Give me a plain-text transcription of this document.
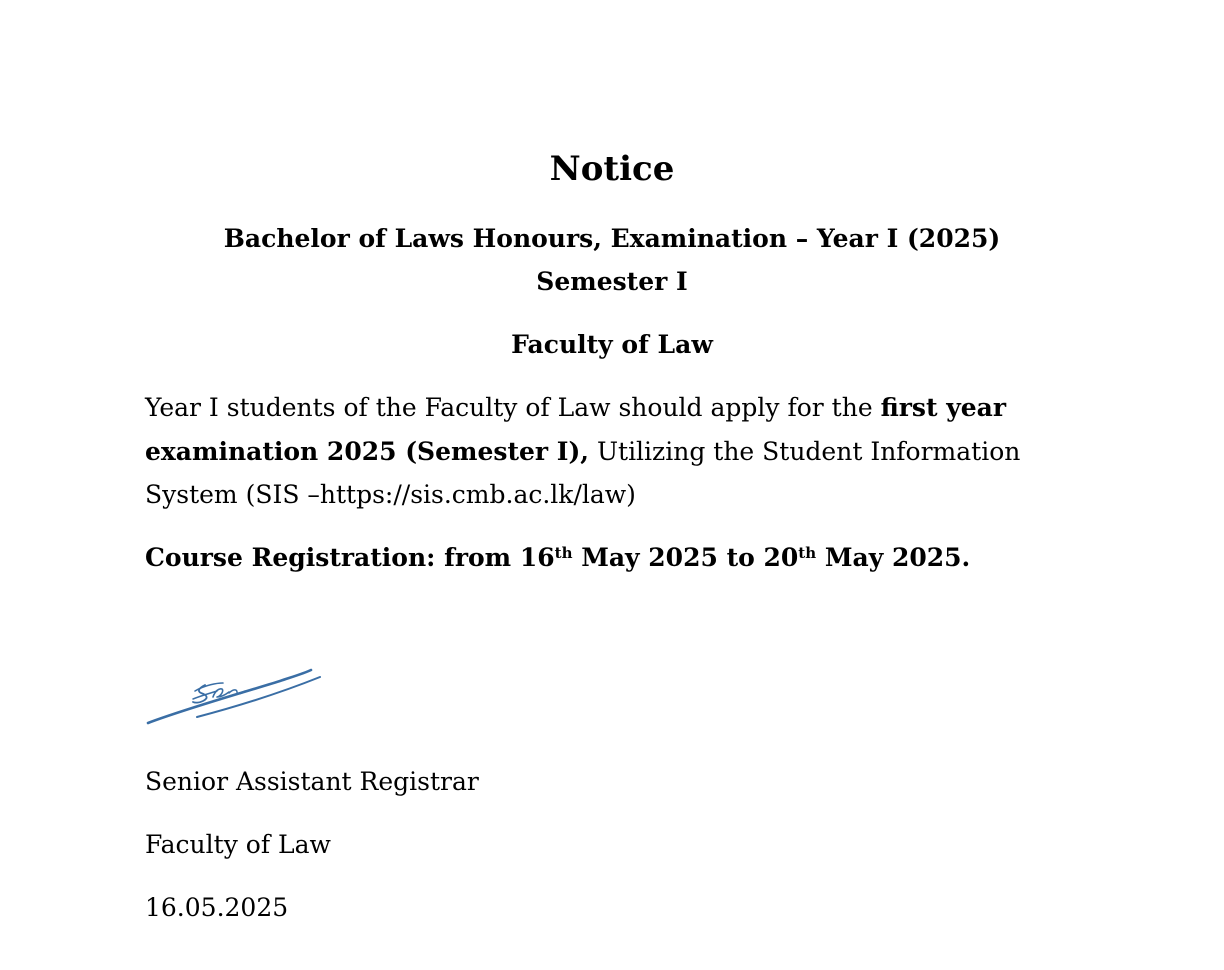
Notice
Bachelor of Laws Honours, Examination – Year I (2025)
Semester I
Faculty of Law
Year I students of the Faculty of Law should apply for the first year examination 2025 (Semester I), Utilizing the Student Information System (SIS –https://sis.cmb.ac.lk/law)
Course Registration: from 16th May 2025 to 20th May 2025.
Senior Assistant Registrar
Faculty of Law
16.05.2025
